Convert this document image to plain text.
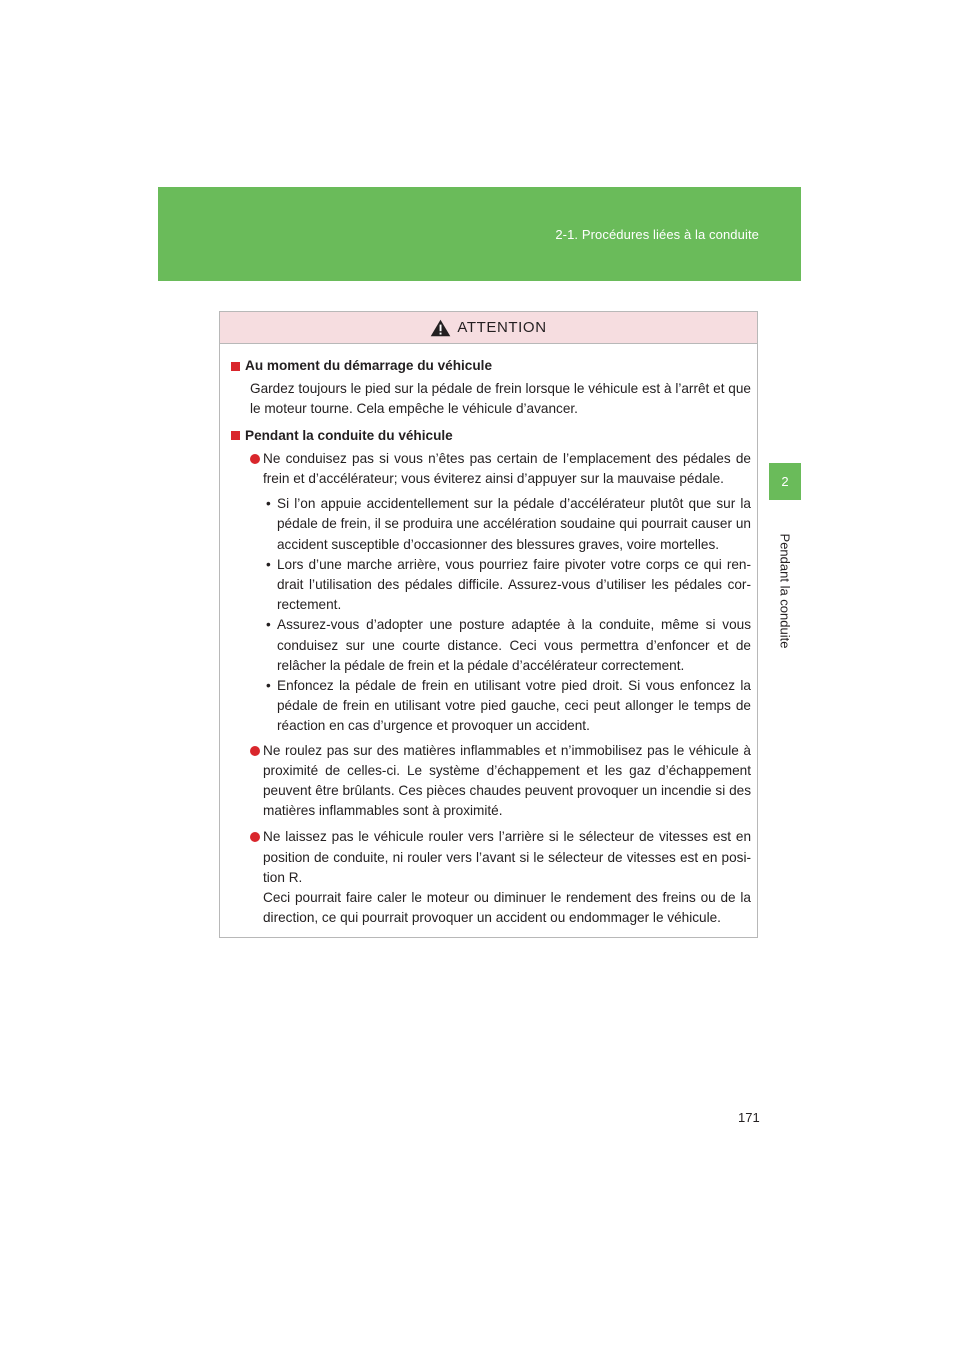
2-1. Procédures liées à la conduite
2
Pendant la conduite
ATTENTION
Au moment du démarrage du véhicule
Gardez toujours le pied sur la pédale de frein lorsque le véhicule est à l’arrêt et que le moteur tourne. Cela empêche le véhicule d’avancer.
Pendant la conduite du véhicule
Ne conduisez pas si vous n’êtes pas certain de l’emplacement des pédales de frein et d’accélérateur; vous éviterez ainsi d’appuyer sur la mauvaise pédale.
• Si l’on appuie accidentellement sur la pédale d’accélérateur plutôt que sur la pédale de frein, il se produira une accélération soudaine qui pourrait causer un accident susceptible d’occasionner des blessures graves, voire mortelles.
• Lors d’une marche arrière, vous pourriez faire pivoter votre corps ce qui rendrait l’utilisation des pédales difficile. Assurez-vous d’utiliser les pédales correctement.
• Assurez-vous d’adopter une posture adaptée à la conduite, même si vous conduisez sur une courte distance. Ceci vous permettra d’enfoncer et de relâcher la pédale de frein et la pédale d’accélérateur correctement.
• Enfoncez la pédale de frein en utilisant votre pied droit. Si vous enfoncez la pédale de frein en utilisant votre pied gauche, ceci peut allonger le temps de réaction en cas d’urgence et provoquer un accident.
Ne roulez pas sur des matières inflammables et n’immobilisez pas le véhicule à proximité de celles-ci. Le système d’échappement et les gaz d’échappement peuvent être brûlants. Ces pièces chaudes peuvent provoquer un incendie si des matières inflammables sont à proximité.
Ne laissez pas le véhicule rouler vers l’arrière si le sélecteur de vitesses est en position de conduite, ni rouler vers l’avant si le sélecteur de vitesses est en position R.
Ceci pourrait faire caler le moteur ou diminuer le rendement des freins ou de la direction, ce qui pourrait provoquer un accident ou endommager le véhicule.
171
